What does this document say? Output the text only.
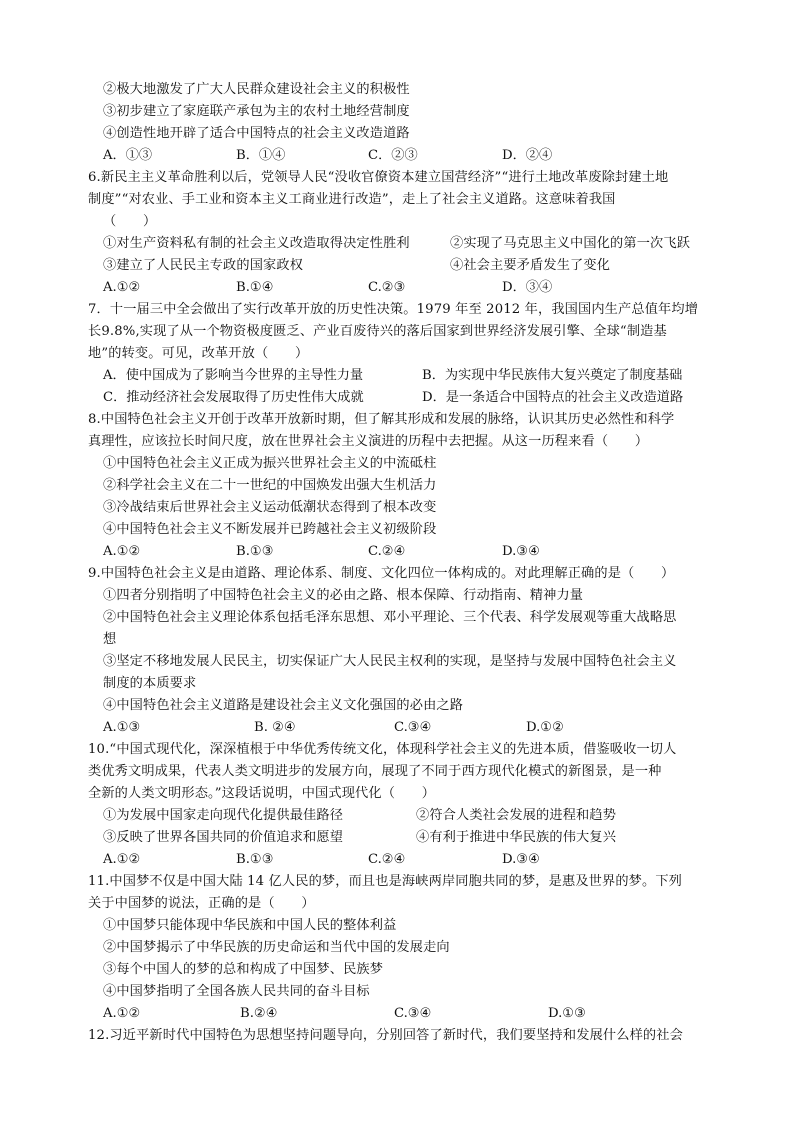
②极大地激发了广大人民群众建设社会主义的积极性
③初步建立了家庭联产承包为主的农村土地经营制度
④创造性地开辟了适合中国特点的社会主义改造道路
A．①③	B．①④	C．②③	D．②④
6.新民主主义革命胜利以后，党领导人民“没收官僚资本建立国营经济”“进行土地改革废除封建土地
制度”“对农业、手工业和资本主义工商业进行改造”，走上了社会主义道路。这意味着我国
（　　）
①对生产资料私有制的社会主义改造取得决定性胜利	②实现了马克思主义中国化的第一次飞跃
③建立了人民民主专政的国家政权	④社会主要矛盾发生了变化
A.①②	B.①④	C.②③	D．③④
7．十一届三中全会做出了实行改革开放的历史性决策。1979 年至 2012 年，我国国内生产总值年均增
长9.8%,实现了从一个物资极度匮乏、产业百废待兴的落后国家到世界经济发展引擎、全球“制造基
地”的转变。可见，改革开放（　　）
A．使中国成为了影响当今世界的主导性力量	B．为实现中华民族伟大复兴奠定了制度基础
C．推动经济社会发展取得了历史性伟大成就	D．是一条适合中国特点的社会主义改造道路
8.中国特色社会主义开创于改革开放新时期，但了解其形成和发展的脉络，认识其历史必然性和科学
真理性，应该拉长时间尺度，放在世界社会主义演进的历程中去把握。从这一历程来看（　　）
①中国特色社会主义正成为振兴世界社会主义的中流砥柱
②科学社会主义在二十一世纪的中国焕发出强大生机活力
③冷战结束后世界社会主义运动低潮状态得到了根本改变
④中国特色社会主义不断发展并已跨越社会主义初级阶段
A.①②	B.①③	C.②④	D.③④
9.中国特色社会主义是由道路、理论体系、制度、文化四位一体构成的。对此理解正确的是（　　）
①四者分别指明了中国特色社会主义的必由之路、根本保障、行动指南、精神力量
②中国特色社会主义理论体系包括毛泽东思想、邓小平理论、三个代表、科学发展观等重大战略思
想
③坚定不移地发展人民民主，切实保证广大人民民主权利的实现，是坚持与发展中国特色社会主义
制度的本质要求
④中国特色社会主义道路是建设社会主义文化强国的必由之路
A.①③	B. ②④	C.③④	D.①②
10.“中国式现代化，深深植根于中华优秀传统文化，体现科学社会主义的先进本质，借鉴吸收一切人
类优秀文明成果，代表人类文明进步的发展方向，展现了不同于西方现代化模式的新图景，是一种
全新的人类文明形态。”这段话说明，中国式现代化（　　）
①为发展中国家走向现代化提供最佳路径	②符合人类社会发展的进程和趋势
③反映了世界各国共同的价值追求和愿望	④有利于推进中华民族的伟大复兴
A.①②	B.①③	C.②④	D.③④
11.中国梦不仅是中国大陆 14 亿人民的梦，而且也是海峡两岸同胞共同的梦，是惠及世界的梦。下列
关于中国梦的说法，正确的是（　　）
①中国梦只能体现中华民族和中国人民的整体利益
②中国梦揭示了中华民族的历史命运和当代中国的发展走向
③每个中国人的梦的总和构成了中国梦、民族梦
④中国梦指明了全国各族人民共同的奋斗目标
A.①②	B.②④	C.③④	D.①③
12.习近平新时代中国特色为思想坚持问题导向，分别回答了新时代，我们要坚持和发展什么样的社会
